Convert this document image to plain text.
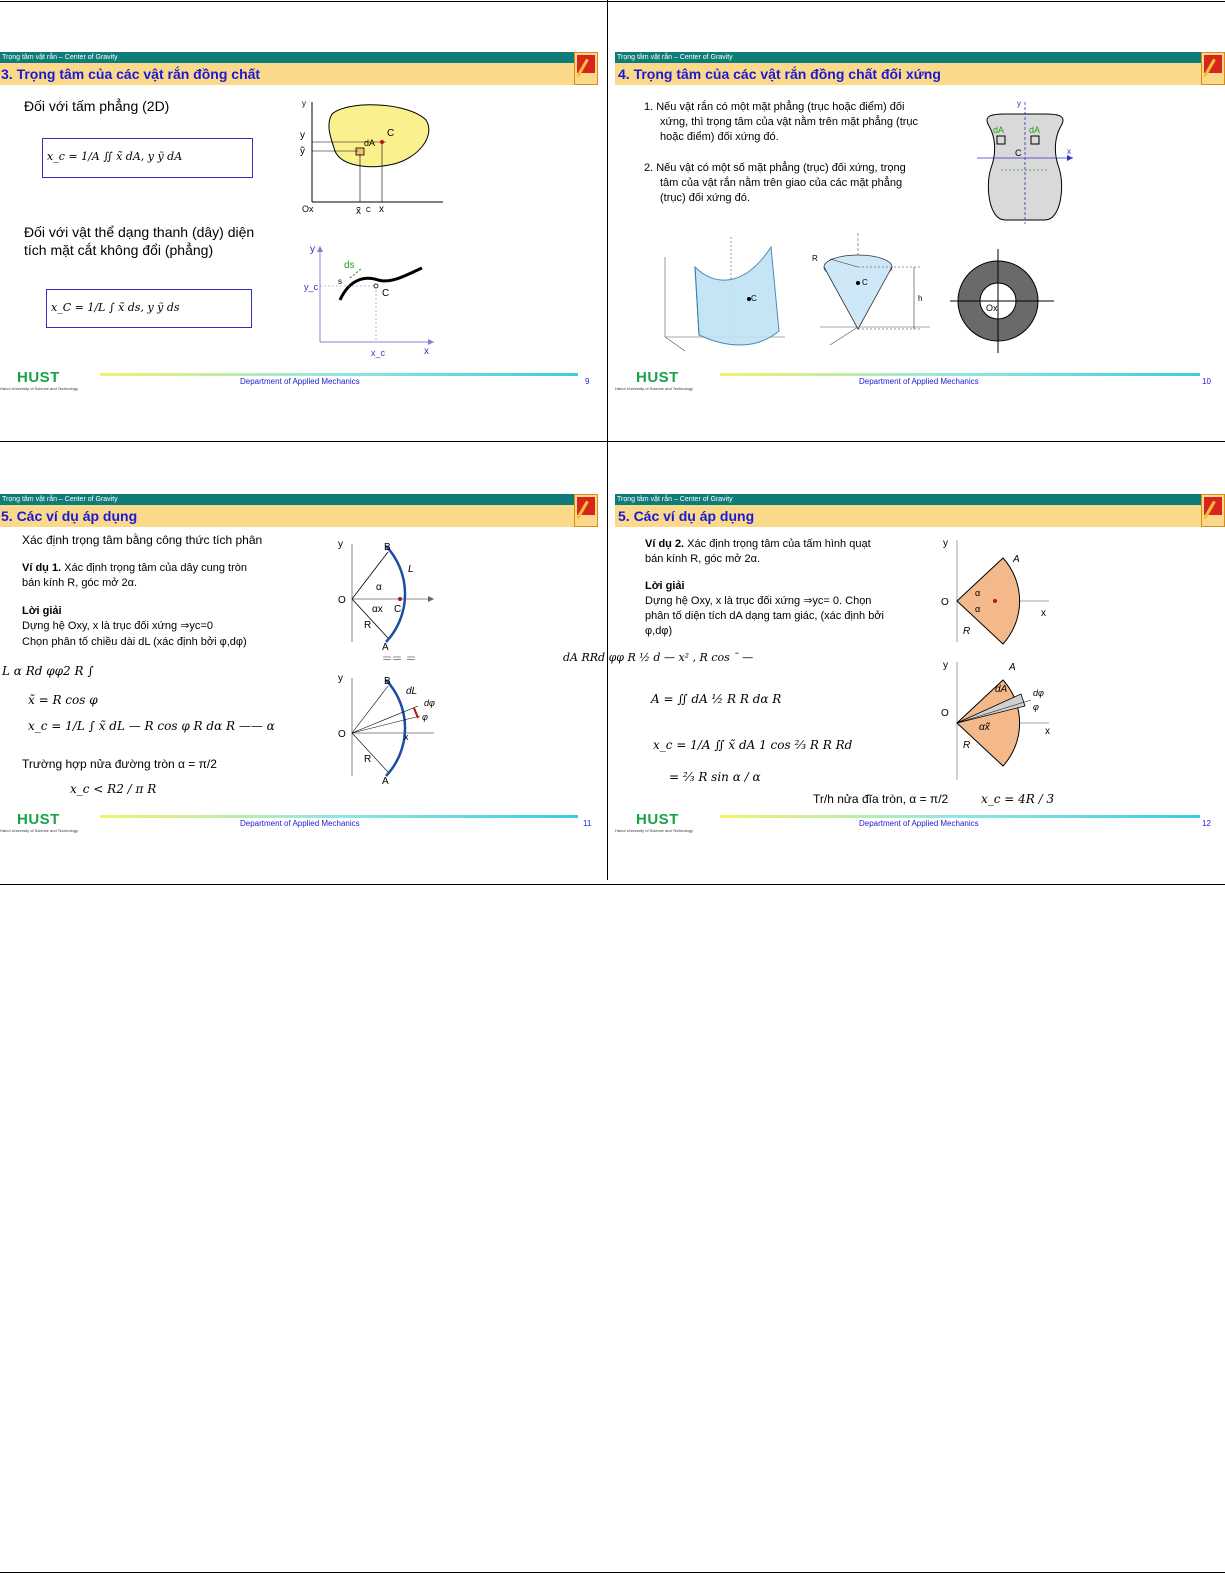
Trọng tâm vật rắn – Center of Gravity
3. Trọng tâm của các vật rắn đồng chất
Đối với tấm phẳng (2D)
x_c = 1/A ∬ x̃ dA, y ỹ dA
Đối với vật thể dạng thanh (dây) diện
tích mặt cắt không đổi (phẳng)
x_C = 1/L ∫ x̃ ds, y ỹ ds
y
y
ỹ
dA
C
Ox	x̃ C x
y
ds
y_c
s
C
x_c	x
HUST
Hanoi University of Science and Technology
Department of Applied Mechanics	9
Trọng tâm vật rắn – Center of Gravity
4. Trọng tâm của các vật rắn đồng chất đối xứng
1. Nếu vật rắn có một mặt phẳng (trục hoặc điểm) đối
xứng, thì trọng tâm của vật nằm trên mặt phẳng (trục
hoặc điểm) đối xứng đó.
2. Nếu vật có một số mặt phẳng (trục) đối xứng, trọng
tâm của vật rắn nằm trên giao của các mặt phẳng
(trục) đối xứng đó.
y
dA	dA
C	x
C
R
C
h
Ox
HUST
Hanoi University of Science and Technology
Department of Applied Mechanics	10
Trọng tâm vật rắn – Center of Gravity
5. Các ví dụ áp dụng
Xác định trọng tâm bằng công thức tích phân
Ví dụ 1. Xác định trọng tâm của dây cung tròn
bán kính R, góc mở 2α.
Lời giải
Dựng hệ Oxy, x là trục đối xứng ⇒yc=0
Chọn phân tố chiều dài dL (xác định bởi φ,dφ)
L α Rd φφ2 R ∫
== =
x̃ = R cos φ
x_c = 1/L ∫ x̃ dL — R cos φ R dα R —— α
Trường hợp nửa đường tròn α = π/2
x_c < R2 / π R
y	B
L
α
O
αx C
R
A
y	B
dL
dφ
φ
O	x
R
A
HUST
Hanoi University of Science and Technology
Department of Applied Mechanics	11
Trọng tâm vật rắn – Center of Gravity
5. Các ví dụ áp dụng
Ví dụ 2. Xác định trọng tâm của tấm hình quạt
bán kính R, góc mở 2α.
Lời giải
Dựng hệ Oxy, x là trục đối xứng ⇒yc= 0. Chọn
phân tố diện tích dA dạng tam giác, (xác định bởi
φ,dφ)
dA RRd φφ R ½ d — x² , R cos ¯ —
A = ∬ dA ½ R R dα R
x_c = 1/A ∬ x̃ dA 1 cos ⅔ R R Rd
= ⅔ R sin α / α
Tr/h nửa đĩa tròn, α = π/2	x_c = 4R / 3
y
A
O
α
α	x
R
y	A
dA	dφ
φ
O
αx̃	x
R
HUST
Hanoi University of Science and Technology
Department of Applied Mechanics	12
